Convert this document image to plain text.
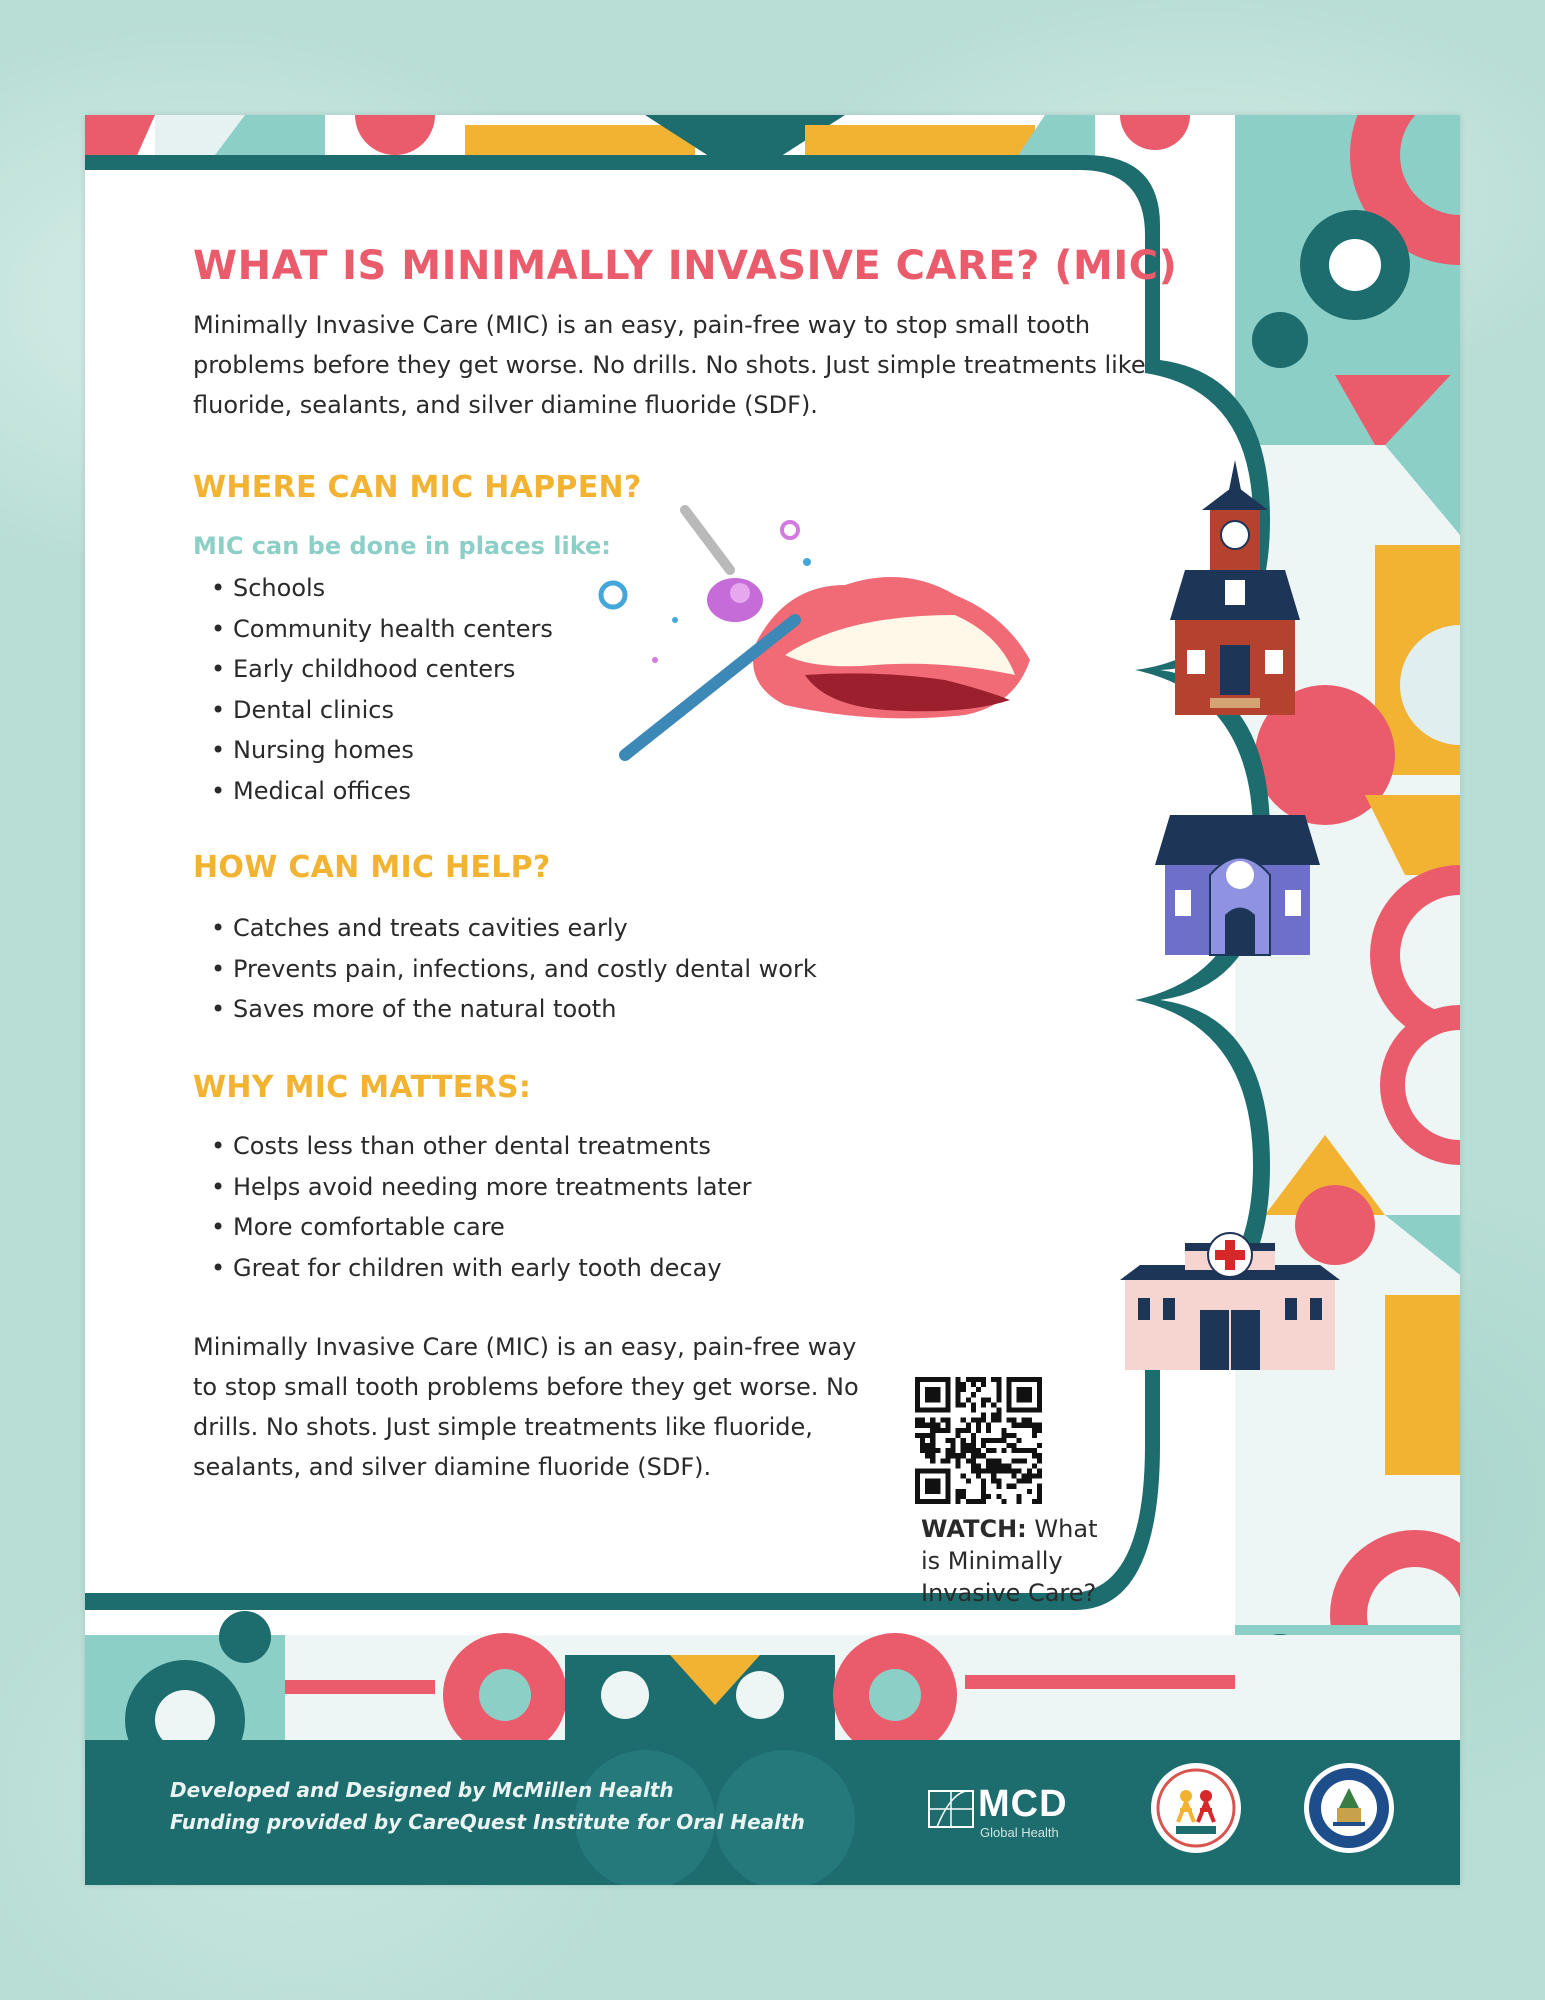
WHAT IS MINIMALLY INVASIVE CARE? (MIC)
Minimally Invasive Care (MIC) is an easy, pain-free way to stop small tooth problems before they get worse. No drills. No shots. Just simple treatments like fluoride, sealants, and silver diamine fluoride (SDF).
WHERE CAN MIC HAPPEN?
MIC can be done in places like:
• Schools
• Community health centers
• Early childhood centers
• Dental clinics
• Nursing homes
• Medical offices
HOW CAN MIC HELP?
• Catches and treats cavities early
• Prevents pain, infections, and costly dental work
• Saves more of the natural tooth
WHY MIC MATTERS:
• Costs less than other dental treatments
• Helps avoid needing more treatments later
• More comfortable care
• Great for children with early tooth decay
Minimally Invasive Care (MIC) is an easy, pain-free way to stop small tooth problems before they get worse. No drills. No shots. Just simple treatments like fluoride, sealants, and silver diamine fluoride (SDF).
WATCH: What is Minimally Invasive Care?
Developed and Designed by McMillen Health
Funding provided by CareQuest Institute for Oral Health	MCD
Global Health
